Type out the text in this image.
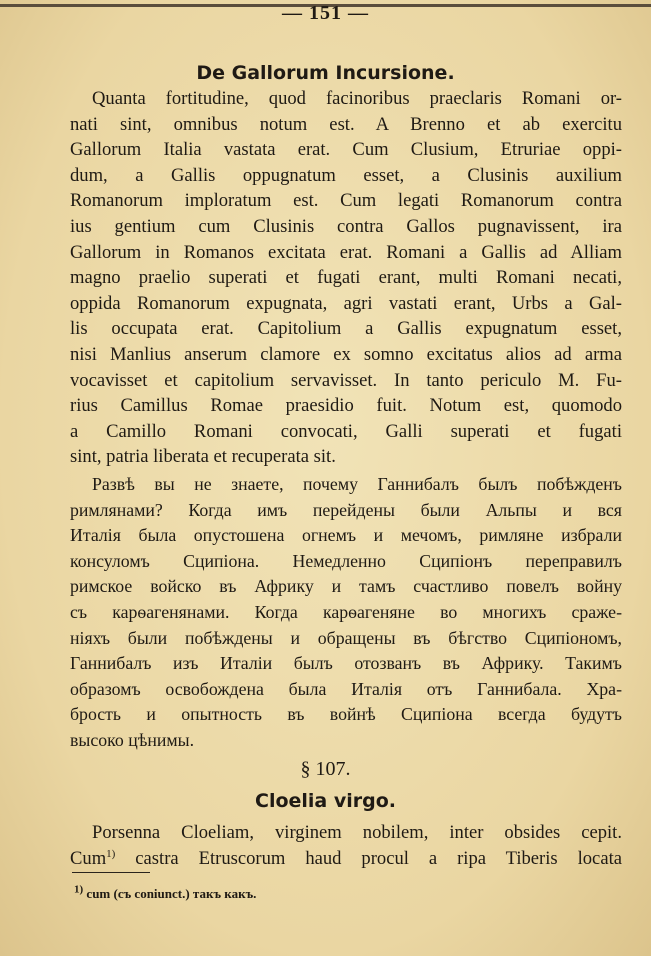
— 151 —
De Gallorum Incursione.
Quanta fortitudine, quod facinoribus praeclaris Romani or-
nati sint, omnibus notum est. A Brenno et ab exercitu
Gallorum Italia vastata erat. Cum Clusium, Etruriae oppi-
dum, a Gallis oppugnatum esset, a Clusinis auxilium
Romanorum imploratum est. Cum legati Romanorum contra
ius gentium cum Clusinis contra Gallos pugnavissent, ira
Gallorum in Romanos excitata erat. Romani a Gallis ad Alliam
magno praelio superati et fugati erant, multi Romani necati,
oppida Romanorum expugnata, agri vastati erant, Urbs a Gal-
lis occupata erat. Capitolium a Gallis expugnatum esset,
nisi Manlius anserum clamore ex somno excitatus alios ad arma
vocavisset et capitolium servavisset. In tanto periculo M. Fu-
rius Camillus Romae praesidio fuit. Notum est, quomodo
a Camillo Romani convocati, Galli superati et fugati
sint, patria liberata et recuperata sit.
Развѣ вы не знаете, почему Ганнибалъ былъ побѣжденъ
римлянами? Когда имъ перейдены были Альпы и вся
Италія была опустошена огнемъ и мечомъ, римляне избрали
консуломъ Сципіона. Немедленно Сципіонъ переправилъ
римское войско въ Африку и тамъ счастливо повелъ войну
съ карѳагенянами. Когда карѳагеняне во многихъ сраже-
ніяхъ были побѣждены и обращены въ бѣгство Сципіономъ,
Ганнибалъ изъ Италіи былъ отозванъ въ Африку. Такимъ
образомъ освобождена была Италія отъ Ганнибала. Хра-
брость и опытность въ войнѣ Сципіона всегда будутъ
высоко цѣнимы.
§ 107.
Cloelia virgo.
Porsenna Cloeliam, virginem nobilem, inter obsides cepit.
Cum$^{1)}$ castra Etruscorum haud procul a ripa Tiberis locata
$^{1)}$ cum (съ coniunct.) такъ какъ.
